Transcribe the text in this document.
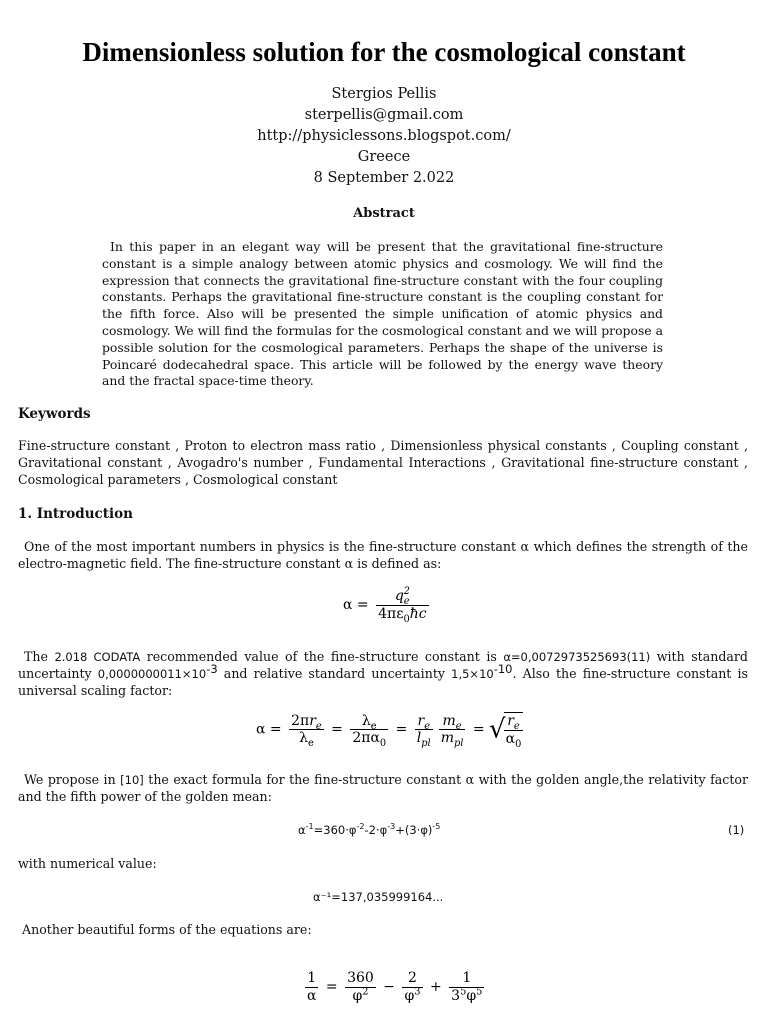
Dimensionless solution for the cosmological constant
Stergios Pellis
sterpellis@gmail.com
http://physiclessons.blogspot.com/
Greece
8 September 2.022
Abstract
In this paper in an elegant way will be present that the gravitational fine-structure constant is a simple analogy between atomic physics and cosmology. We will find the expression that connects the gravitational fine-structure constant with the four coupling constants. Perhaps the gravitational fine-structure constant is the coupling constant for the fifth force. Also will be presented the simple unification of atomic physics and cosmology. We will find the formulas for the cosmological constant and we will propose a possible solution for the cosmological parameters. Perhaps the shape of the universe is Poincaré dodecahedral space. This article will be followed by the energy wave theory and the fractal space-time theory.
Keywords
Fine-structure constant , Proton to electron mass ratio , Dimensionless physical constants , Coupling constant , Gravitational constant , Avogadro's number , Fundamental Interactions , Gravitational fine-structure constant , Cosmological parameters , Cosmological constant
1. Introduction
One of the most important numbers in physics is the fine-structure constant α which defines the strength of the electro-magnetic field. The fine-structure constant α is defined as:
$\alpha = \frac{q_e^2}{4\pi\varepsilon_0ħc}$
The 2.018 CODATA recommended value of the fine-structure constant is α=0,0072973525693(11) with standard uncertainty $0,0000000011\times 10^{-3}$ and relative standard uncertainty $1,5\times 10^{-10}$. Also the fine-structure constant is universal scaling factor:
$\alpha = \frac{2\pi r_e}{\lambda_e} = \frac{\lambda_e}{2\pi\alpha_0} = \frac{r_e}{l_{pl}} \frac{m_e}{m_{pl}}$ = √
$\frac{r_e}{\alpha_0}$
We propose in [10] the exact formula for the fine-structure constant α with the golden angle,the relativity factor and the fifth power of the golden mean:
$\alpha^{-1}=360\cdot\varphi^{-2}-2\cdot\varphi^{-3}+(3\cdot\varphi)^{-5}$	(1)
with numerical value:
α⁻¹=137,035999164...
Another beautiful forms of the equations are:
$\frac{1}{\alpha} = \frac{360}{\varphi^2} - \frac{2}{\varphi^3} + \frac{1}{3^5\varphi^5}$
